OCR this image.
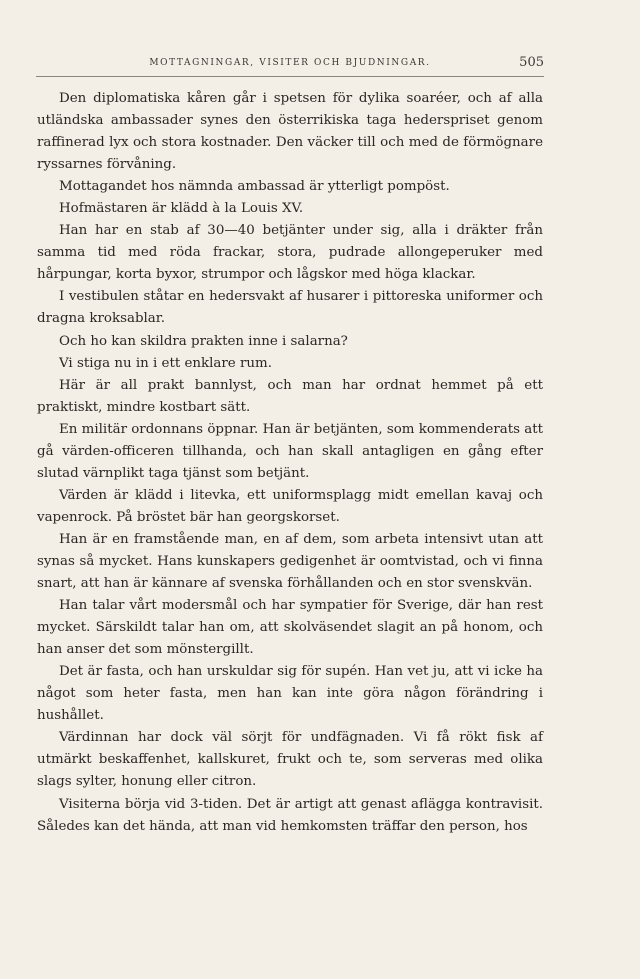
MOTTAGNINGAR, VISITER OCH BJUDNINGAR.	505

Den diplomatiska kåren går i spetsen för dylika soaréer, och af alla utländska ambassader synes den österrikiska taga hederspriset genom raffinerad lyx och stora kostnader. Den väcker till och med de förmögnare ryssarnes förvåning.

Mottagandet hos nämnda ambassad är ytterligt pompöst.

Hofmästaren är klädd à la Louis XV.

Han har en stab af 30—40 betjänter under sig, alla i dräkter från samma tid med röda frackar, stora, pudrade allongeperuker med hårpungar, korta byxor, strumpor och lågskor med höga klackar.

I vestibulen ståtar en hedersvakt af husarer i pittoreska uniformer och dragna kroksablar.

Och ho kan skildra prakten inne i salarna?

Vi stiga nu in i ett enklare rum.

Här är all prakt bannlyst, och man har ordnat hemmet på ett praktiskt, mindre kostbart sätt.

En militär ordonnans öppnar. Han är betjänten, som kommenderats att gå värden-officeren tillhanda, och han skall antagligen en gång efter slutad värnplikt taga tjänst som betjänt.

Värden är klädd i litevka, ett uniformsplagg midt emellan kavaj och vapenrock. På bröstet bär han georgskorset.

Han är en framstående man, en af dem, som arbeta intensivt utan att synas så mycket. Hans kunskapers gedigenhet är oomtvistad, och vi finna snart, att han är kännare af svenska förhållanden och en stor svenskvän.

Han talar vårt modersmål och har sympatier för Sverige, där han rest mycket. Särskildt talar han om, att skolväsendet slagit an på honom, och han anser det som mönstergillt.

Det är fasta, och han urskuldar sig för supén. Han vet ju, att vi icke ha något som heter fasta, men han kan inte göra någon förändring i hushållet.

Värdinnan har dock väl sörjt för undfägnaden. Vi få rökt fisk af utmärkt beskaffenhet, kallskuret, frukt och te, som serveras med olika slags sylter, honung eller citron.

Visiterna börja vid 3-tiden. Det är artigt att genast aflägga kontravisit. Således kan det hända, att man vid hemkomsten träffar den person, hos
